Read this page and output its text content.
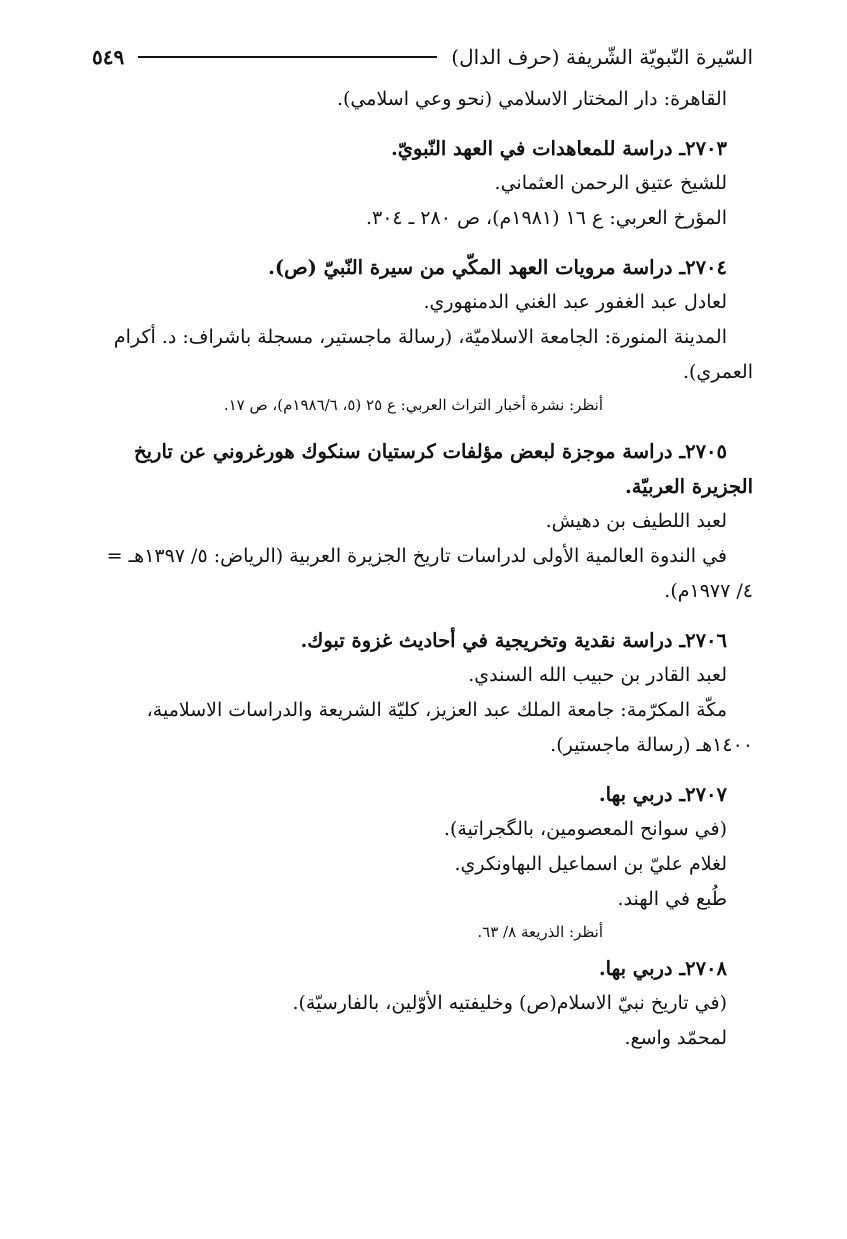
السّيرة النّبويّة الشّريفة (حرف الدال)
٥٤٩
القاهرة: دار المختار الاسلامي (نحو وعي اسلامي).
٢٧٠٣ـ دراسة للمعاهدات في العهد النّبويّ.
للشيخ عتيق الرحمن العثماني.
المؤرخ العربي: ع ١٦ (١٩٨١م)، ص ٢٨٠ ـ ٣٠٤.
٢٧٠٤ـ دراسة مرويات العهد المكّي من سيرة النّبيّ (ص).
لعادل عبد الغفور عبد الغني الدمنهوري.
المدينة المنورة: الجامعة الاسلاميّة، (رسالة ماجستير، مسجلة باشراف: د. أكرام العمري).
أنظر: نشرة أخبار التراث العربي: ع ٢٥ (٥، ١٩٨٦/٦م)، ص ١٧.
٢٧٠٥ـ دراسة موجزة لبعض مؤلفات كرستيان سنكوك هورغروني عن تاريخ الجزيرة العربيّة.
لعبد اللطيف بن دهيش.
في الندوة العالمية الأولى لدراسات تاريخ الجزيرة العربية (الرياض: ٥/ ١٣٩٧هـ = ٤/ ١٩٧٧م).
٢٧٠٦ـ دراسة نقدية وتخريجية في أحاديث غزوة تبوك.
لعبد القادر بن حبيب الله السندي.
مكّة المكرّمة: جامعة الملك عبد العزيز، كليّة الشريعة والدراسات الاسلامية، ١٤٠٠هـ (رسالة ماجستير).
٢٧٠٧ـ دربي بها.
(في سوانح المعصومين، بالگجراتية).
لغلام عليّ بن اسماعيل البهاونكري.
طُبع في الهند.
أنظر: الذريعة ٨/ ٦٣.
٢٧٠٨ـ دربي بها.
(في تاريخ نبيّ الاسلام(ص) وخليفتيه الأوّلين، بالفارسيّة).
لمحمّد واسع.
